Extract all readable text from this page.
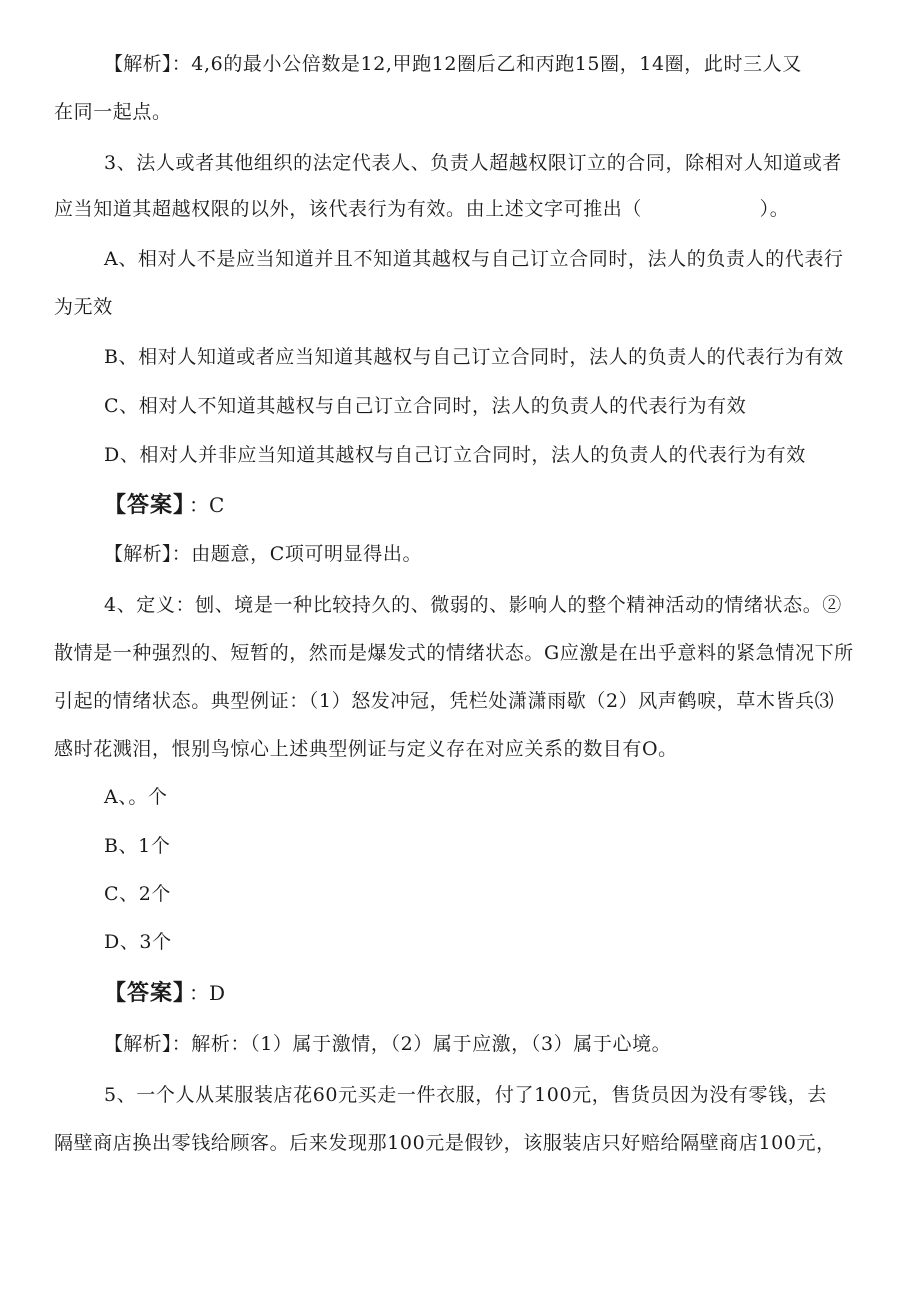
【解析】：4,6的最小公倍数是12,甲跑12圈后乙和丙跑15圈，14圈，此时三人又
在同一起点。
3、法人或者其他组织的法定代表人、负责人超越权限订立的合同，除相对人知道或者
应当知道其超越权限的以外，该代表行为有效。由上述文字可推出（　　　　　　）。
A、相对人不是应当知道并且不知道其越权与自己订立合同时，法人的负责人的代表行
为无效
B、相对人知道或者应当知道其越权与自己订立合同时，法人的负责人的代表行为有效
C、相对人不知道其越权与自己订立合同时，法人的负责人的代表行为有效
D、相对人并非应当知道其越权与自己订立合同时，法人的负责人的代表行为有效
【答案】 ：C
【解析】：由题意，C项可明显得出。
4、定义：刨、境是一种比较持久的、微弱的、影响人的整个精神活动的情绪状态。②
散情是一种强烈的、短暂的，然而是爆发式的情绪状态。G应激是在出乎意料的紧急情况下所
引起的情绪状态。典型例证：（1）怒发冲冠，凭栏处潇潇雨歇（2）风声鹤唳，草木皆兵⑶
感时花溅泪，恨别鸟惊心上述典型例证与定义存在对应关系的数目有O。
A、。个
B、1个
C、2个
D、3个
【答案】 ：D
【解析】：解析：（1）属于激情，（2）属于应激，（3）属于心境。
5、一个人从某服装店花60元买走一件衣服，付了100元，售货员因为没有零钱，去
隔壁商店换出零钱给顾客。后来发现那100元是假钞，该服装店只好赔给隔壁商店100元，
